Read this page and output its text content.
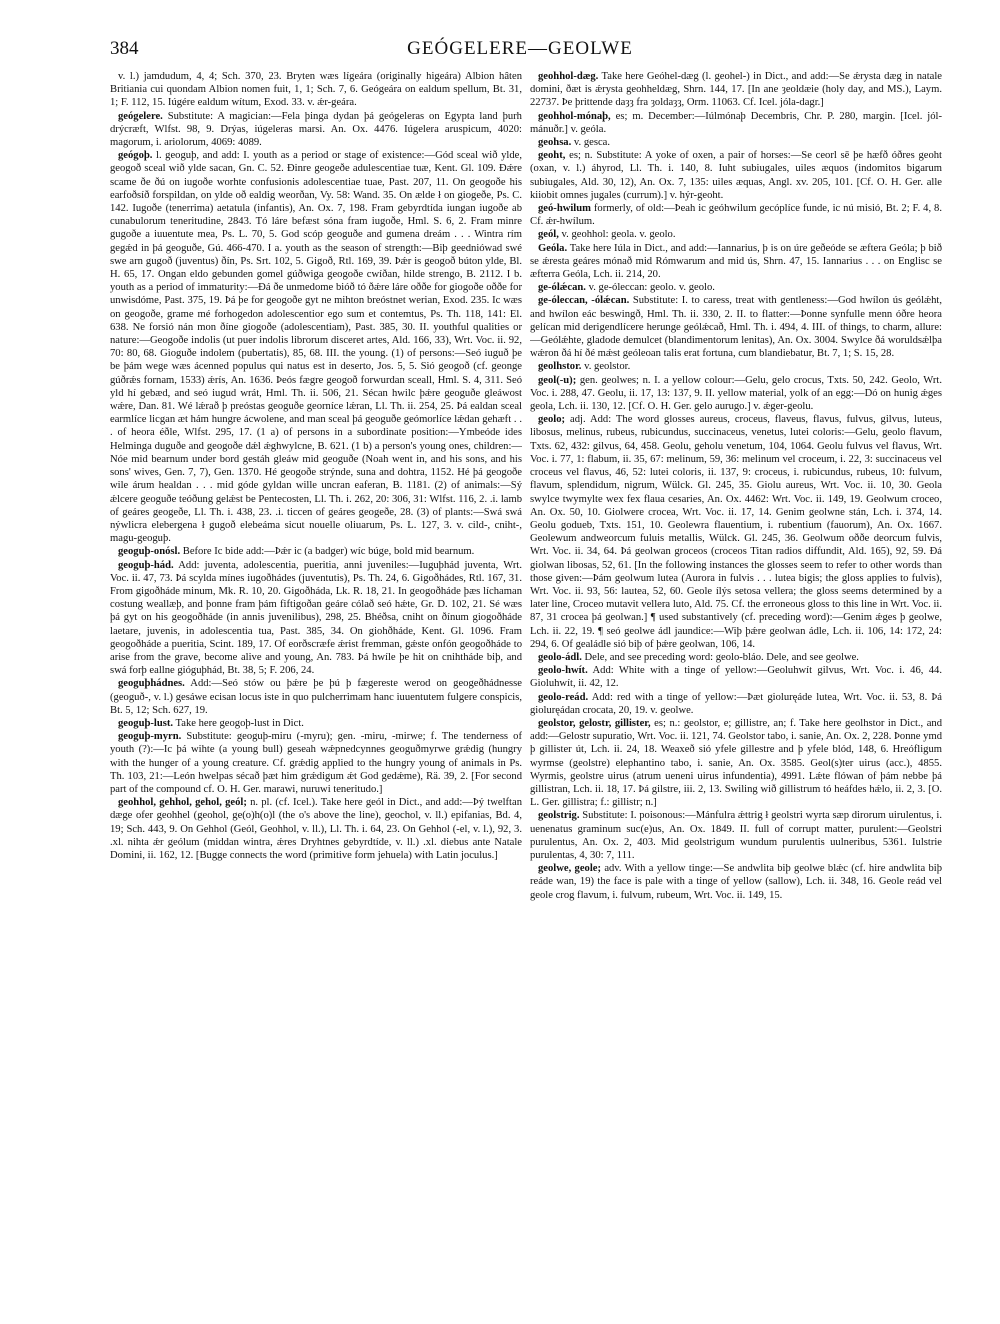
384	GEÓGELERE—GEOLWE

v. l.) jamdudum, 4, 4; Sch. 370, 23. Bryten wæs lígeára (originally higeára) Albion hâten Britiania cui quondam Albion nomen fuit, 1, 1; Sch. 7, 6. Geógeára on ealdum spellum, Bt. 31, 1; F. 112, 15. Iúgére ealdum wítum, Exod. 33. v. ǽr-geára.

geógelere. Substitute: A magician:—Fela þinga dydan þá geógeleras on Egypta land þurh drýcræft, Wlfst. 98, 9. Drýas, iúgeleras marsi. An. Ox. 4476. Iúgelera aruspicum, 4020: magorum, i. ariolorum, 4069: 4089.

geógoþ. l. geoguþ, and add: I. youth as a period or stage of existence:—Gód sceal wið ylde, geogoð sceal wið ylde sacan, Gn. C. 52. Ðinre geogeðe adulescentiae tuæ, Kent. Gl. 109. Ðǽre scame ðe ðú on iugoðe worhte confusionis adolescentiae tuae, Past. 207, 11. On geogoðe his earfoðsíð forspildan, on ylde oð ealdig weorðan, Vy. 58: Wand. 35. On ælde ł on giogeðe, Ps. C. 142. Iugoðe (tenerrima) aetatula (infantis), An. Ox. 7, 198. Fram gebyrdtída iungan iugoðe ab cunabulorum teneritudine, 2843. Tó láre befæst sóna fram iugoðe, Hml. S. 6, 2. Fram minre gugoðe a iuuentute mea, Ps. L. 70, 5. God scóp geoguðe and gumena dreám . . . Wintra rím gegǽd in þá geoguðe, Gú. 466-470. I a. youth as the season of strength:—Biþ geedniówad swé swe arn gugoð (juventus) ðín, Ps. Srt. 102, 5. Gigoð, Rtl. 169, 39. Þǽr is geogoð búton ylde, Bl. H. 65, 17. Ongan eldo gebunden gomel gúðwiga geogoðe cwíðan, hilde strengo, B. 2112. I b. youth as a period of immaturity:—Ðá ðe unmedome bióð tó ðǽre láre oððe for giogoðe oððe for unwisdóme, Past. 375, 19. Þá þe for geogoðe gyt ne mihton breóstnet werian, Exod. 235. Ic wæs on geogoðe, grame mé forhogedon adolescentior ego sum et contemtus, Ps. Th. 118, 141: El. 638. Ne forsió nán mon ðíne giogoðe (adolescentiam), Past. 385, 30. II. youthful qualities or nature:—Geogoðe indolis (ut puer indolis librorum disceret artes, Ald. 166, 33), Wrt. Voc. ii. 92, 70: 80, 68. Gioguðe indolem (pubertatis), 85, 68. III. the young. (1) of persons:—Seó iuguð þe be þám wege wæs ácenned populus qui natus est in deserto, Jos. 5, 5. Sió geogoð (cf. geonge gúðrǽs fornam, 1533) ǽrís, An. 1636. Þeós fægre geogoð forwurdan sceall, Hml. S. 4, 311. Seó yld hí gebæd, and seó iugud wrát, Hml. Th. ii. 506, 21. Sécan hwilc þǽre geoguðe gleáwost wǽre, Dan. 81. Wé lǽrað þ preóstas geoguðe georníce lǽran, Ll. Th. ii. 254, 25. Þá ealdan sceal earmlíce licgan æt hám hungre ácwolene, and man sceal þá geoguðe geómorlíce lǽdan gehæft . . . of heora éðle, Wlfst. 295, 17. (1 a) of persons in a subordinate position:—Ymbeóde ides Helminga duguðe and geogoðe dǽl ǽghwylcne, B. 621. (1 b) a person's young ones, children:—Nóe mid bearnum under bord gestáh gleáw mid geoguðe (Noah went in, and his sons, and his sons' wives, Gen. 7, 7), Gen. 1370. Hé geogoðe strýnde, suna and dohtra, 1152. Hé þá geogoðe wile árum healdan . . . mid góde gyldan wille uncran eaferan, B. 1181. (2) of animals:—Sý ǽlcere geoguðe teóðung gelǽst be Pentecosten, Ll. Th. i. 262, 20: 306, 31: Wlfst. 116, 2. .i. lamb of geáres geogeðe, Ll. Th. i. 438, 23. .i. ticcen of geáres geogeðe, 28. (3) of plants:—Swá swá nýwlicra elebergena ł gugoð elebeáma sicut nouelle oliuarum, Ps. L. 127, 3. v. cild-, cniht-, magu-geoguþ.

geoguþ-onósl. Before Ic bide add:—Þǽr ic (a badger) wíc búge, bold mid bearnum.

geoguþ-hád. Add: juventa, adolescentia, pueritia, anni juveniles:—Iuguþhád juventa, Wrt. Voc. ii. 47, 73. Þá scylda mínes iugoðhádes (juventutis), Ps. Th. 24, 6. Gigoðhádes, Rtl. 167, 31. From gigoðháde minum, Mk. R. 10, 20. Gigoðháda, Lk. R. 18, 21. In geogoðháde þæs líchaman costung weallæþ, and þonne fram þám fiftigoðan geáre cólað seó hǽte, Gr. D. 102, 21. Sé wæs þá gyt on his geogoðháde (in annis juvenilibus), 298, 25. Bhéðsa, cniht on ðínum giogoðháde laetare, juvenis, in adolescentia tua, Past. 385, 34. On giohðháde, Kent. Gl. 1096. Fram geogoðháde a pueritia, Scint. 189, 17. Of eorðscræfe ǽrist fremman, gǽste onfón geogoðháde to arise from the grave, become alive and young, An. 783. Þá hwíle þe hit on cnihtháde biþ, and swá forþ eallne gióguþhád, Bt. 38, 5; F. 206, 24.

geoguþhádnes. Add:—Seó stów ou þǽre þe þú þ fægereste werod on geogeðhádnesse (geoguð-, v. l.) gesáwe ecisan locus iste in quo pulcherrimam hanc iuuentutem fulgere conspicis, Bt. 5, 12; Sch. 627, 19.

geoguþ-lust. Take here geogoþ-lust in Dict.

geoguþ-myrn. Substitute: geoguþ-miru (-myru); gen. -miru, -mirwe; f. The tenderness of youth (?):—Ic þá wihte (a young bull) geseah wǽpnedcynnes geoguðmyrwe grǽdig (hungry with the hunger of a young creature. Cf. grǽdig applied to the hungry young of animals in Ps. Th. 103, 21:—León hwelpas sécað þæt him grǽdigum ǽt God gedǽme), Rä. 39, 2. [For second part of the compound cf. O. H. Ger. marawi, nuruwi teneritudo.]

geohhol, gehhol, gehol, geól; n. pl. (cf. Icel.). Take here geól in Dict., and add:—Þý twelftan dæge ofer geohhel (geohol, ge(o)h(o)l (the o's above the line), geochol, v. ll.) epifanias, Bd. 4, 19; Sch. 443, 9. On Gehhol (Geól, Geohhol, v. ll.), Ll. Th. i. 64, 23. On Gehhol (-el, v. l.), 92, 3. .xl. nihta ǽr geólum (middan wintra, ǽres Dryhtnes gebyrdtíde, v. ll.) .xl. diebus ante Natale Domini, ii. 162, 12. [Bugge connects the word (primitive form jehuela) with Latin joculus.]

geohhol-dæg. Take here Geóhel-dæg (l. geohel-) in Dict., and add:—Se ǽrysta dæg in natale domini, ðæt is ǽrysta geohheldæg, Shrn. 144, 17. [In ane ȝeoldæie (holy day, and MS.), Laym. 22737. Þe þrittende daȝȝ fra ȝoldaȝȝ, Orm. 11063. Cf. Icel. jóla-dagr.]

geohhol-mónaþ, es; m. December:—Iúlmónaþ Decembris, Chr. P. 280, margin. [Icel. jól-mánuðr.] v. geóla.

geohsa. v. gesca.

geoht, es; n. Substitute: A yoke of oxen, a pair of horses:—Se ceorl sē þe hæfð óðres geoht (oxan, v. l.) áhyrod, Ll. Th. i. 140, 8. Iuht subiugales, uiles æquos (indomitos bigarum subiugales, Ald. 30, 12), An. Ox. 7, 135: uiles æquas, Angl. xv. 205, 101. [Cf. O. H. Ger. alle kiiobit omnes jugales (currum).] v. hýr-geoht.

geó-hwilum formerly, of old:—Þeah ic geóhwilum gecóplíce funde, ic nú misió, Bt. 2; F. 4, 8. Cf. ǽr-hwílum.

geól, v. geohhol: geola. v. geolo.

Geóla. Take here Iúla in Dict., and add:—Iannarius, þ is on úre geðeóde se æftera Geóla; þ bið se ǽresta geáres mónað mid Rómwarum and mid ús, Shrn. 47, 15. Iannarius . . . on Englisc se æfterra Geóla, Lch. ii. 214, 20.

ge-ólǽcan. v. ge-óleccan: geolo. v. geolo.

ge-óleccan, -ólǽcan. Substitute: I. to caress, treat with gentleness:—God hwílon ús geólǽht, and hwílon eác beswingð, Hml. Th. ii. 330, 2. II. to flatter:—Þonne synfulle menn óðre heora gelícan mid derigendlícere herunge geólǽcað, Hml. Th. i. 494, 4. III. of things, to charm, allure:—Geólǽhte, gladode demulcet (blandimentorum lenitas), An. Ox. 3004. Swylce ðá woruldsǽlþa wǽron ðá hí ðé mǽst geóleoan talis erat fortuna, cum blandiebatur, Bt. 7, 1; S. 15, 28.

geolhstor. v. geolstor.

geol(-u); gen. geolwes; n. I. a yellow colour:—Gelu, gelo crocus, Txts. 50, 242. Geolo, Wrt. Voc. i. 288, 47. Geolu, ii. 17, 13: 137, 9. II. yellow material, yolk of an egg:—Dó on hunig ǽges geola, Lch. ii. 130, 12. [Cf. O. H. Ger. gelo aurugo.] v. ǽger-geolu.

geolo; adj. Add: The word glosses aureus, croceus, flaveus, flavus, fulvus, gilvus, luteus, libosus, melinus, rubeus, rubicundus, succinaceus, venetus, lutei coloris:—Gelu, geolo flavum, Txts. 62, 432: gilvus, 64, 458. Geolu, geholu venetum, 104, 1064. Geolu fulvus vel flavus, Wrt. Voc. i. 77, 1: flabum, ii. 35, 67: melinum, 59, 36: melinum vel croceum, i. 22, 3: succinaceus vel croceus vel flavus, 46, 52: lutei coloris, ii. 137, 9: croceus, i. rubicundus, rubeus, 10: fulvum, flavum, splendidum, nigrum, Wülck. Gl. 245, 35. Giolu aureus, Wrt. Voc. ii. 10, 30. Geola swylce twymylte wex fex flaua cesaries, An. Ox. 4462: Wrt. Voc. ii. 149, 19. Geolwum croceo, An. Ox. 50, 10. Giolwere crocea, Wrt. Voc. ii. 17, 14. Genim geolwne stán, Lch. i. 374, 14. Geolu godueb, Txts. 151, 10. Geolewra flauentium, i. rubentium (fauorum), An. Ox. 1667. Geolewum andweorcum fuluis metallis, Wülck. Gl. 245, 36. Geolwum oððe deorcum fulvis, Wrt. Voc. ii. 34, 64. Þá geolwan groceos (croceos Titan radios diffundit, Ald. 165), 92, 59. Ðá giolwan libosas, 52, 61. [In the following instances the glosses seem to refer to other words than those given:—Þám geolwum lutea (Aurora in fulvis . . . lutea bigis; the gloss applies to fulvis), Wrt. Voc. ii. 93, 56: lautea, 52, 60. Geole ílýs setosa vellera; the gloss seems determined by a later line, Croceo mutavit vellera luto, Ald. 75. Cf. the erroneous gloss to this line in Wrt. Voc. ii. 87, 31 crocea þá geolwan.] ¶ used substantively (cf. preceding word):—Genim ǽges þ geolwe, Lch. ii. 22, 19. ¶ seó geolwe ádl jaundice:—Wiþ þǽre geolwan ádle, Lch. ii. 106, 14: 172, 24: 294, 6. Of gealádle sió biþ of þǽre geolwan, 106, 14.

geolo-ádl. Dele, and see preceding word: geolo-bláo. Dele, and see geolwe.

geolo-hwít. Add: White with a tinge of yellow:—Geoluhwít gilvus, Wrt. Voc. i. 46, 44. Gioluhwít, ii. 42, 12.

geolo-reád. Add: red with a tinge of yellow:—Þæt gioluręáde lutea, Wrt. Voc. ii. 53, 8. Þá gioluręádan crocata, 20, 19. v. geolwe.

geolstor, gelostr, gillister, es; n.: geolstor, e; gillistre, an; f. Take here geolhstor in Dict., and add:—Gelostr supuratio, Wrt. Voc. ii. 121, 74. Geolstor tabo, i. sanie, An. Ox. 2, 228. Þonne ymd þ gillister út, Lch. ii. 24, 18. Weaxeð sió yfele gillestre and þ yfele blód, 148, 6. Hreófligum wyrmse (geolstre) elephantino tabo, i. sanie, An. Ox. 3585. Geol(s)ter uirus (acc.), 4855. Wyrmis, geolstre uirus (atrum ueneni uirus infundentia), 4991. Lǽte flówan of þám nebbe þá gillistran, Lch. ii. 18, 17. Þá gilstre, iii. 2, 13. Swiling wið gillistrum tó heáfdes hǽlo, ii. 2, 3. [O. L. Ger. gillistra; f.: gillistr; n.]

geolstrig. Substitute: I. poisonous:—Mánfulra ǽttrig ł geolstri wyrta sæp dirorum uirulentus, i. uenenatus graminum suc(e)us, An. Ox. 1849. II. full of corrupt matter, purulent:—Geolstri purulentus, An. Ox. 2, 403. Mid geolstrigum wundum purulentis uulneribus, 5361. Iulstrie purulentas, 4, 30: 7, 111.

geolwe, geole; adv. With a yellow tinge:—Se andwlita biþ geolwe blǽc (cf. hire andwlita biþ reáde wan, 19) the face is pale with a tinge of yellow (sallow), Lch. ii. 348, 16. Geole reád vel geole crog flavum, i. fulvum, rubeum, Wrt. Voc. ii. 149, 15.
